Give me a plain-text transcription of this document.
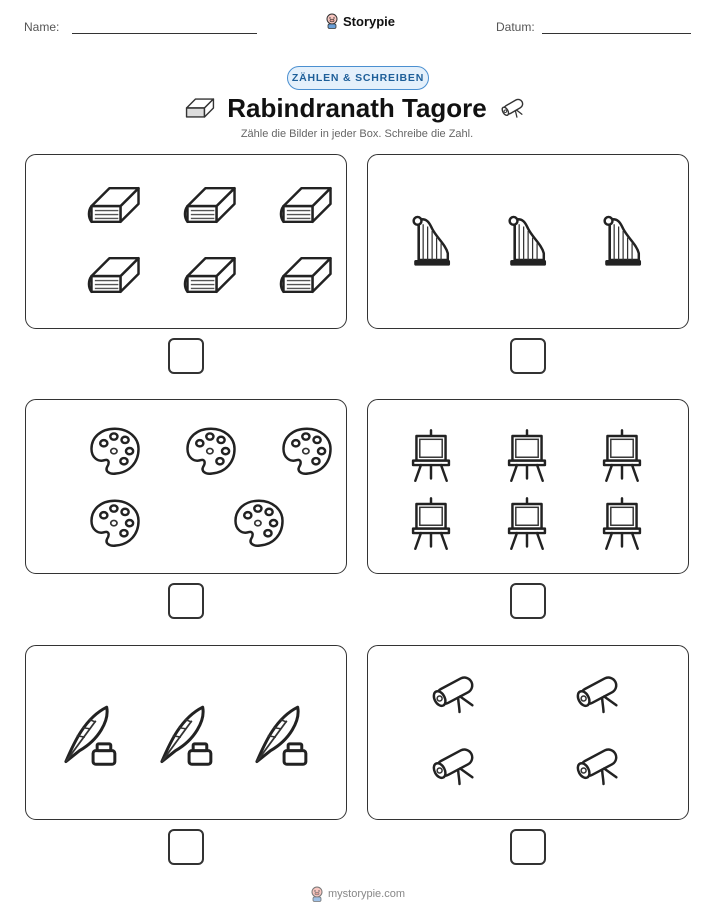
Name:	Storypie	Datum:
ZÄHLEN & SCHREIBEN
Rabindranath Tagore
Zähle die Bilder in jeder Box. Schreibe die Zahl.
mystorypie.com
